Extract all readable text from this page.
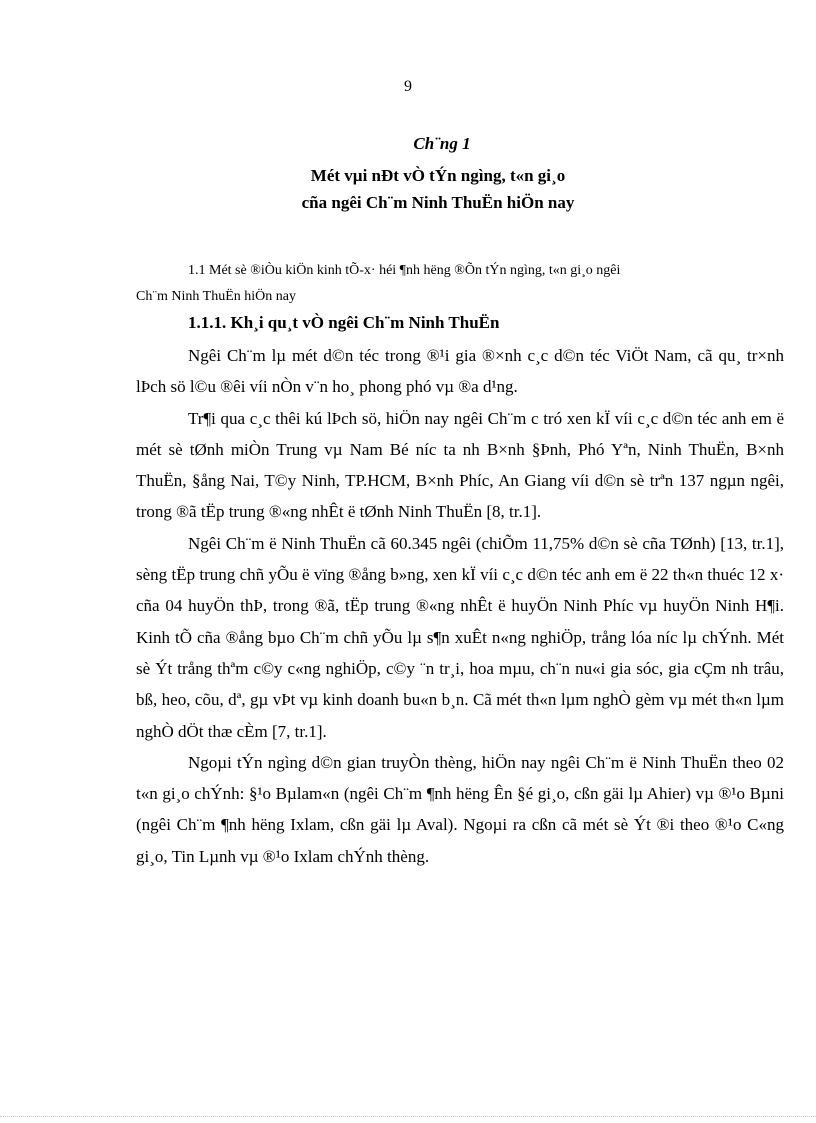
9
Ch¨ng 1
Mét vµi nÐt vÒ tÝn ngìng, t«n gi¸o
cña ngêi Ch¨m Ninh ThuËn hiÖn nay
1.1 Mét sè ®iÒu kiÖn kinh tÕ-x· héi ¶nh hëng ®Õn tÝn ngìng, t«n gi¸o ngêi
Ch¨m Ninh ThuËn hiÖn nay
1.1.1. Kh¸i qu¸t vÒ ngêi Ch¨m Ninh ThuËn

Ngêi Ch¨m lµ mét d©n téc trong ®¹i gia ®×nh c¸c d©n téc ViÖt Nam, cã qu¸ tr×nh lÞch sö l©u ®êi víi nÒn v¨n ho¸ phong phó vµ ®a d¹ng.

Tr¶i qua c¸c thêi kú lÞch sö, hiÖn nay ngêi Ch¨m c tró xen kÏ víi c¸c d©n téc anh em ë mét sè tØnh miÒn Trung vµ Nam Bé níc ta nh B×nh §Þnh, Phó Yªn, Ninh ThuËn, B×nh ThuËn, §ång Nai, T©y Ninh, TP.HCM, B×nh Phíc, An Giang víi d©n sè trªn 137 ngµn ngêi, trong ®ã tËp trung ®«ng nhÊt ë tØnh Ninh ThuËn [8, tr.1].

Ngêi Ch¨m ë Ninh ThuËn cã 60.345 ngêi (chiÕm 11,75% d©n sè cña TØnh) [13, tr.1], sèng tËp trung chñ yÕu ë vïng ®ång b»ng, xen kÏ víi c¸c d©n téc anh em ë 22 th«n thuéc 12 x· cña 04 huyÖn thÞ, trong ®ã, tËp trung ®«ng nhÊt ë huyÖn Ninh Phíc vµ huyÖn Ninh H¶i. Kinh tÕ cña ®ång bµo Ch¨m chñ yÕu lµ s¶n xuÊt n«ng nghiÖp, trång lóa níc lµ chÝnh. Mét sè Ýt trång thªm c©y c«ng nghiÖp, c©y ¨n tr¸i, hoa mµu, ch¨n nu«i gia sóc, gia cÇm nh trâu, bß, heo, cõu, dª, gµ vÞt vµ kinh doanh bu«n b¸n. Cã mét th«n lµm nghÒ gèm vµ mét th«n lµm nghÒ dÖt thæ cÈm [7, tr.1].

Ngoµi tÝn ngìng d©n gian truyÒn thèng, hiÖn nay ngêi Ch¨m ë Ninh ThuËn theo 02 t«n gi¸o chÝnh: §¹o Bµlam«n (ngêi Ch¨m ¶nh hëng Ên §é gi¸o, cßn gäi lµ Ahier) vµ ®¹o Bµni (ngêi Ch¨m ¶nh hëng Ixlam, cßn gäi lµ Aval). Ngoµi ra cßn cã mét sè Ýt ®i theo ®¹o C«ng gi¸o, Tin Lµnh vµ ®¹o Ixlam chÝnh thèng.
